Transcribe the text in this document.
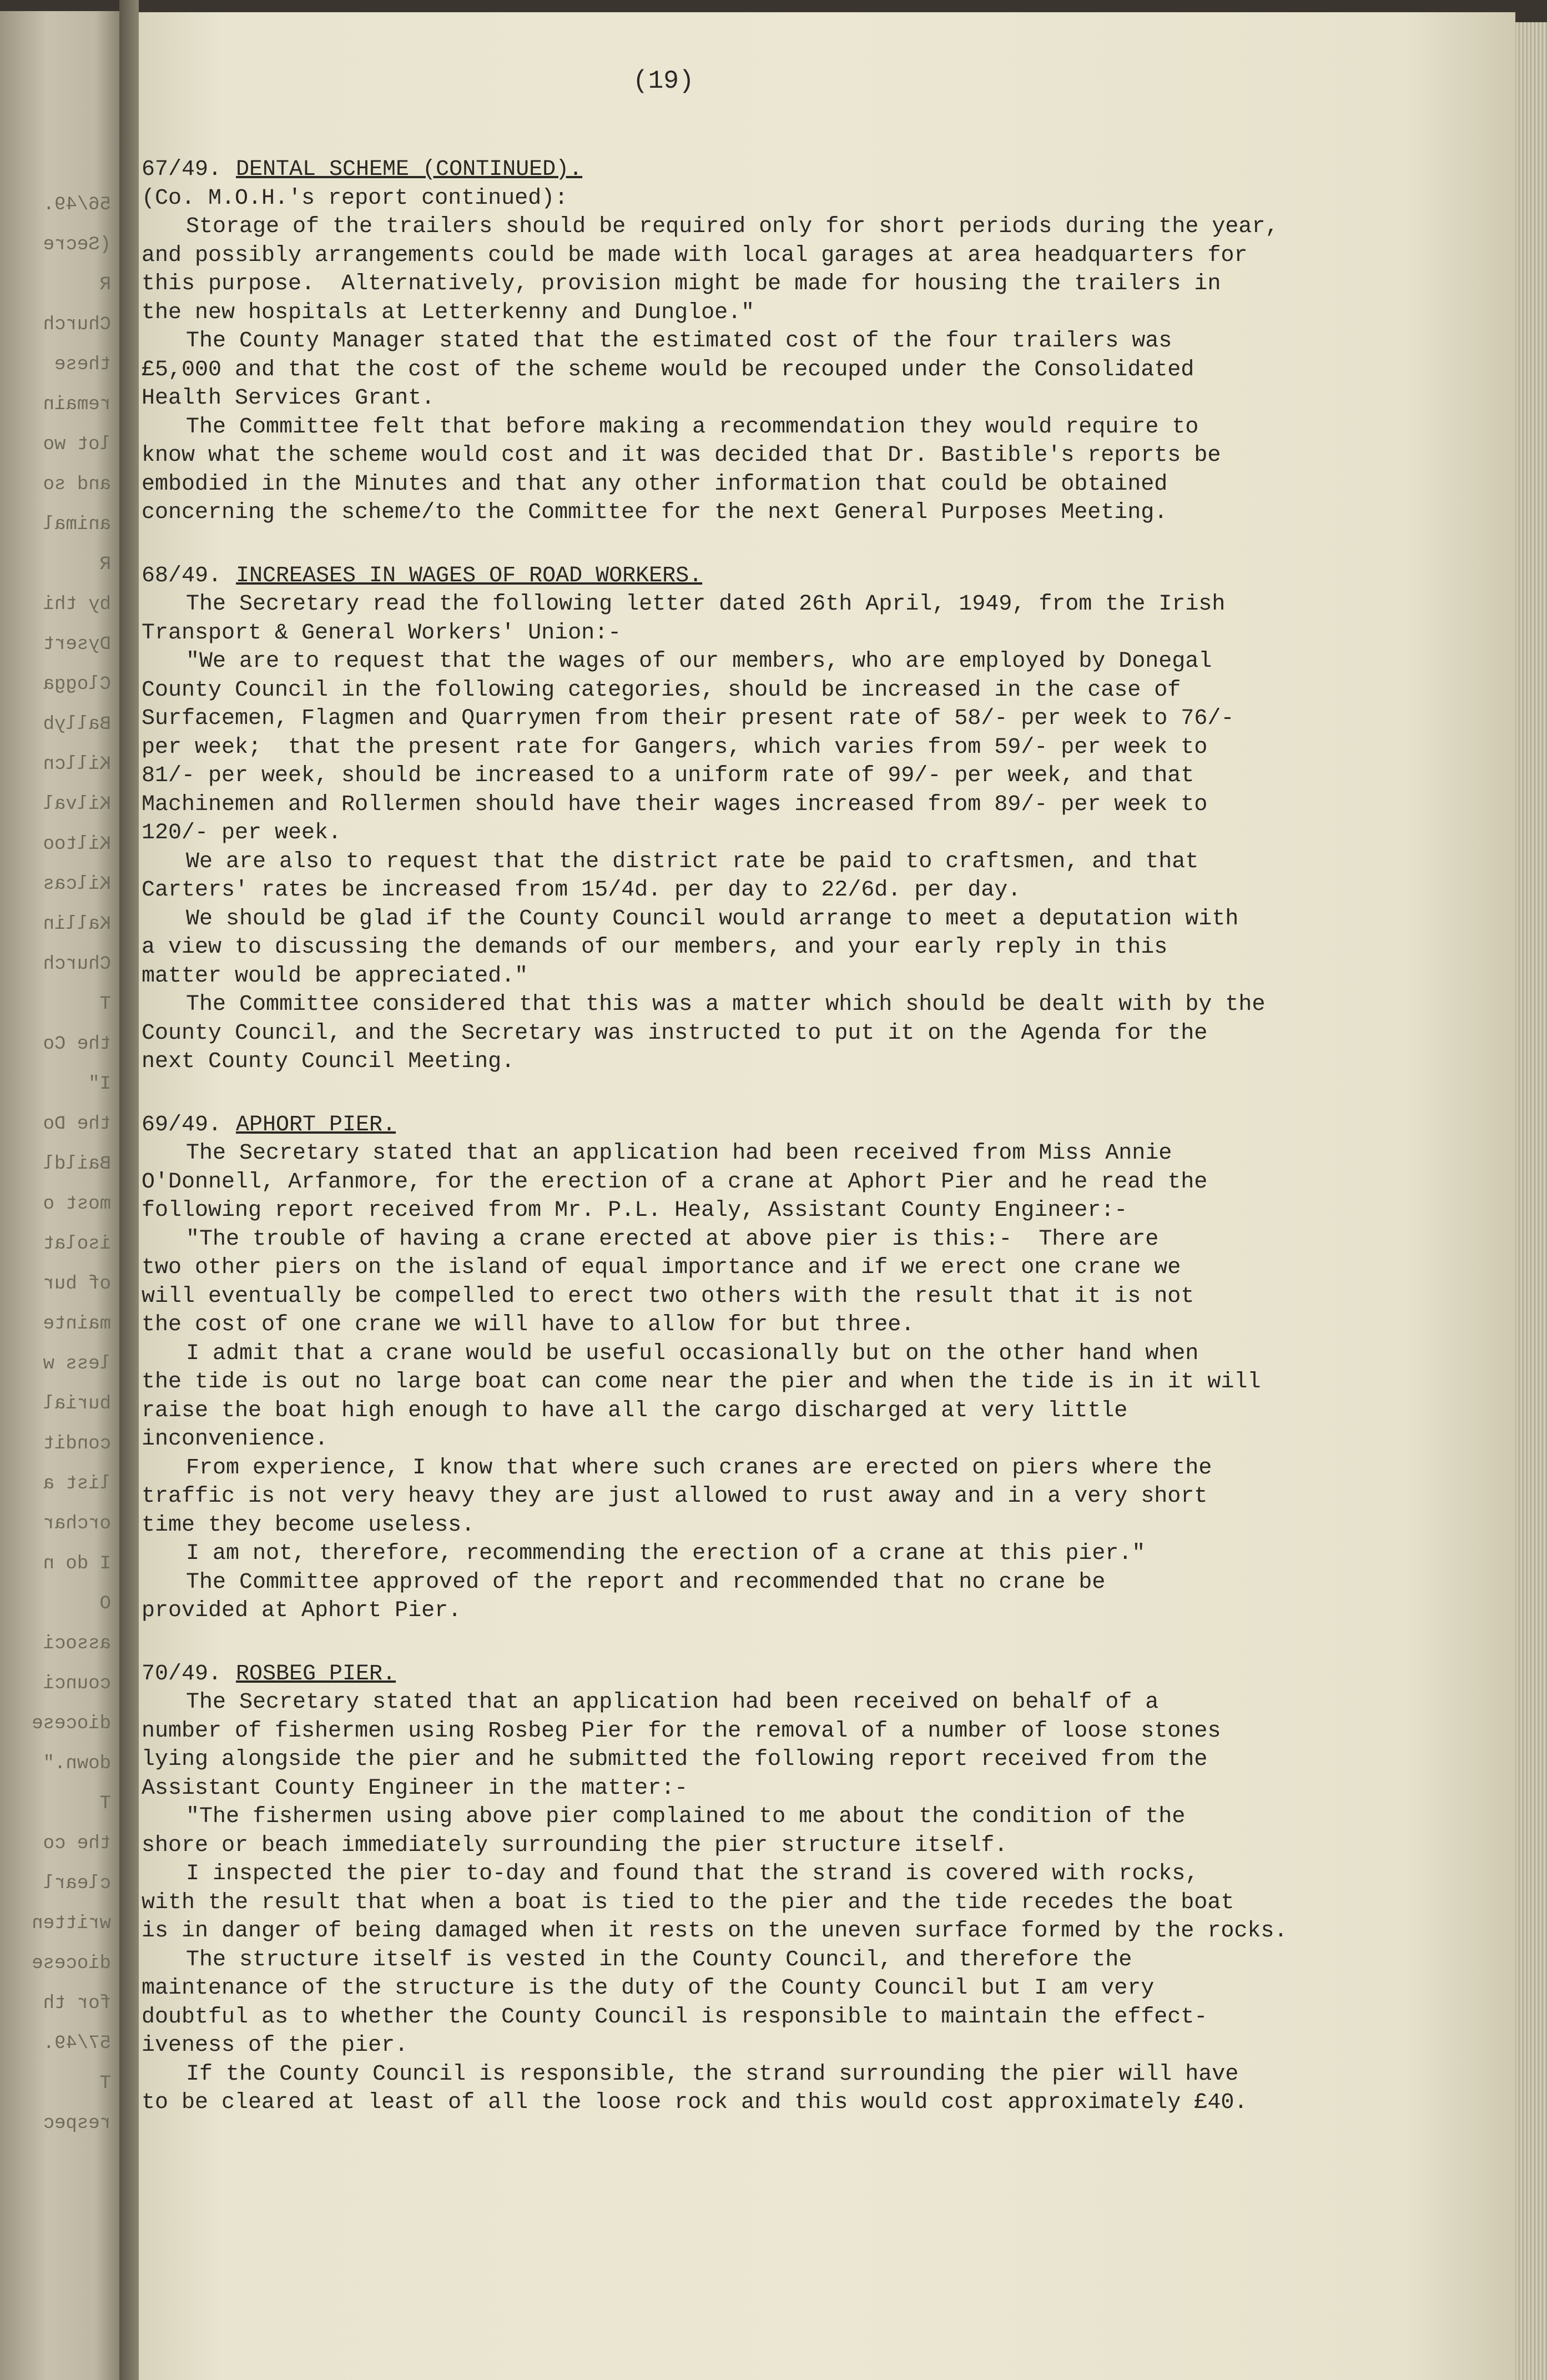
56/49.
(Secre
R
Church
these
remain
lot wo
and so
animal
R
by thi
Dysert
Clogga
Ballyb
Killcn
Kilval
Kiltoo
Kilcas
Kallin
Church
T
the Co
I"
the Do
Baildl
most o
isolat
of bur
mainte
less w
burial
condit
list a
orchar
I do n
O
associ
counci
diocese
down."
T
the co
clearl
written
diocese
for th
57/49.
T
respec
(19)
67/49. DENTAL SCHEME (CONTINUED).
(Co. M.O.H.'s report continued):
Storage of the trailers should be required only for short periods during the year,
and possibly arrangements could be made with local garages at area headquarters for
this purpose.  Alternatively, provision might be made for housing the trailers in
the new hospitals at Letterkenny and Dungloe."
The County Manager stated that the estimated cost of the four trailers was
£5,000 and that the cost of the scheme would be recouped under the Consolidated
Health Services Grant.
The Committee felt that before making a recommendation they would require to
know what the scheme would cost and it was decided that Dr. Bastible's reports be
embodied in the Minutes and that any other information that could be obtained
concerning the scheme/to the Committee for the next General Purposes Meeting.
68/49. INCREASES IN WAGES OF ROAD WORKERS.
The Secretary read the following letter dated 26th April, 1949, from the Irish
Transport & General Workers' Union:-
"We are to request that the wages of our members, who are employed by Donegal
County Council in the following categories, should be increased in the case of
Surfacemen, Flagmen and Quarrymen from their present rate of 58/- per week to 76/-
per week;  that the present rate for Gangers, which varies from 59/- per week to
81/- per week, should be increased to a uniform rate of 99/- per week, and that
Machinemen and Rollermen should have their wages increased from 89/- per week to
120/- per week.
We are also to request that the district rate be paid to craftsmen, and that
Carters' rates be increased from 15/4d. per day to 22/6d. per day.
We should be glad if the County Council would arrange to meet a deputation with
a view to discussing the demands of our members, and your early reply in this
matter would be appreciated."
The Committee considered that this was a matter which should be dealt with by the
County Council, and the Secretary was instructed to put it on the Agenda for the
next County Council Meeting.
69/49. APHORT PIER.
The Secretary stated that an application had been received from Miss Annie
O'Donnell, Arfanmore, for the erection of a crane at Aphort Pier and he read the
following report received from Mr. P.L. Healy, Assistant County Engineer:-
"The trouble of having a crane erected at above pier is this:-  There are
two other piers on the island of equal importance and if we erect one crane we
will eventually be compelled to erect two others with the result that it is not
the cost of one crane we will have to allow for but three.
I admit that a crane would be useful occasionally but on the other hand when
the tide is out no large boat can come near the pier and when the tide is in it will
raise the boat high enough to have all the cargo discharged at very little
inconvenience.
From experience, I know that where such cranes are erected on piers where the
traffic is not very heavy they are just allowed to rust away and in a very short
time they become useless.
I am not, therefore, recommending the erection of a crane at this pier."
The Committee approved of the report and recommended that no crane be
provided at Aphort Pier.
70/49. ROSBEG PIER.
The Secretary stated that an application had been received on behalf of a
number of fishermen using Rosbeg Pier for the removal of a number of loose stones
lying alongside the pier and he submitted the following report received from the
Assistant County Engineer in the matter:-
"The fishermen using above pier complained to me about the condition of the
shore or beach immediately surrounding the pier structure itself.
I inspected the pier to-day and found that the strand is covered with rocks,
with the result that when a boat is tied to the pier and the tide recedes the boat
is in danger of being damaged when it rests on the uneven surface formed by the rocks.
The structure itself is vested in the County Council, and therefore the
maintenance of the structure is the duty of the County Council but I am very
doubtful as to whether the County Council is responsible to maintain the effect-
iveness of the pier.
If the County Council is responsible, the strand surrounding the pier will have
to be cleared at least of all the loose rock and this would cost approximately £40.
